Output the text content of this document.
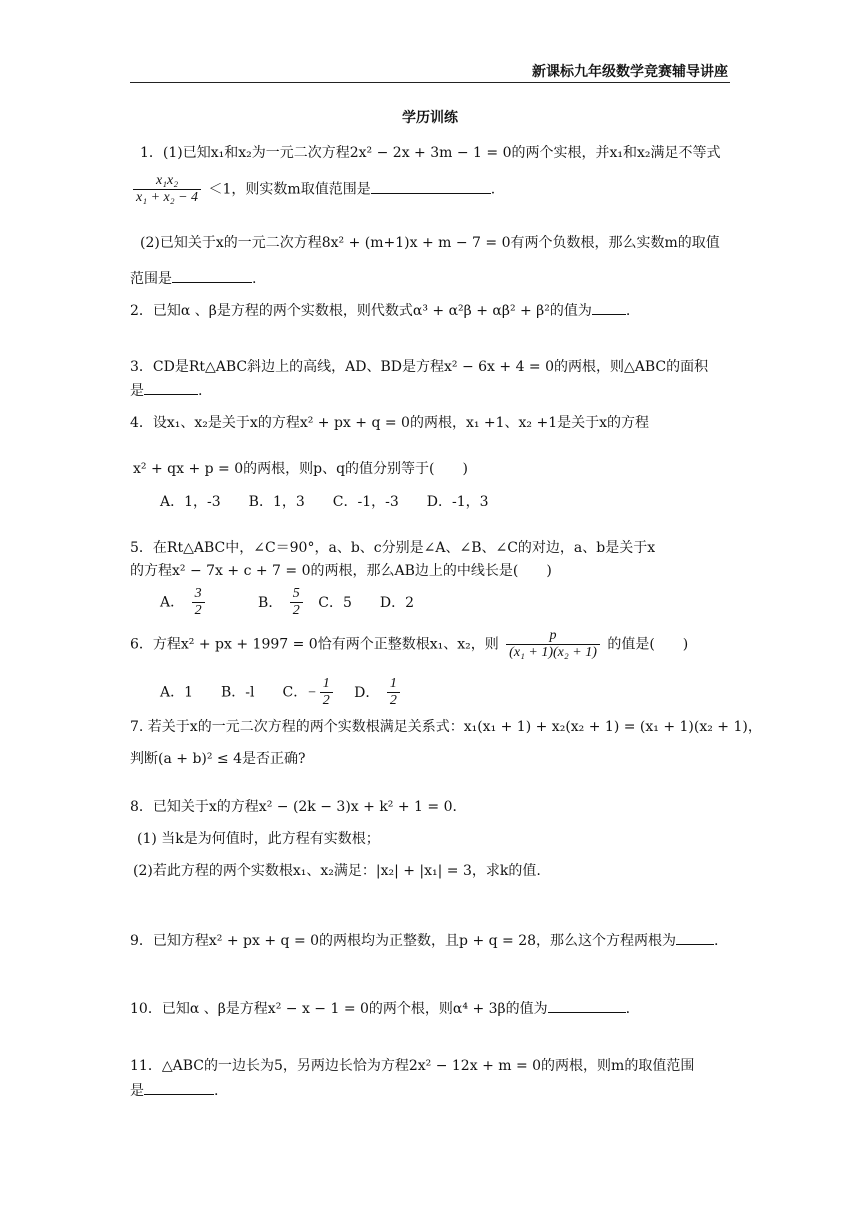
新课标九年级数学竞赛辅导讲座
学历训练
1．(1)已知x₁和x₂为一元二次方程2x² − 2x + 3m − 1 = 0的两个实根，并x₁和x₂满足不等式
$\frac{\text{x₁x₂}}{\text{x₁ + x₂ − 4}} <1$，则实数m取值范围是	.
(2)已知关于x的一元二次方程8x² + (m+1)x + m − 7 = 0有两个负数根，那么实数m的取值
范围是	.
2．已知α 、β是方程的两个实数根，则代数式α³ + α²β + αβ² + β²的值为 .
3．CD是Rt△ABC斜边上的高线，AD、BD是方程x² − 6x + 4 = 0的两根，则△ABC的面积
是	.
4．设x₁、x₂是关于x的方程x² + px + q = 0的两根，x₁ +1、x₂ +1是关于x的方程
x² + qx + p = 0的两根，则p、q的值分别等于(　　)
A．1，-3　　B．1，3　　C．-1，-3　　D．-1，3
5．在Rt△ABC中，∠C＝90°，a、b、c分别是∠A、∠B、∠C的对边，a、b是关于x
的方程x² − 7x + c + 7 = 0的两根，那么AB边上的中线长是(　　)
A． $\frac{3}{2}$	B． $\frac{5}{2}$ C．5　　D．2
6．方程x² + px + 1997 = 0恰有两个正整数根x₁、x₂，则 $\frac{p}{\text{(x₁ + 1)(x₂ + 1)}}$ 的值是(　　)
A．1　　B．-l　　C．− $\frac{1}{2}$ D． $\frac{1}{2}$
7. 若关于x的一元二次方程的两个实数根满足关系式：x₁(x₁ + 1) + x₂(x₂ + 1) = (x₁ + 1)(x₂ + 1)，
判断(a + b)² ≤ 4是否正确?
8．已知关于x的方程x² − (2k − 3)x + k² + 1 = 0．
(1) 当k是为何值时，此方程有实数根；
(2)若此方程的两个实数根x₁、x₂满足：|x₂| + |x₁| = 3，求k的值.
9．已知方程x² + px + q = 0的两根均为正整数，且p + q = 28，那么这个方程两根为	.
10．已知α 、β是方程x² − x − 1 = 0的两个根，则α⁴ + 3β的值为	.
11．△ABC的一边长为5，另两边长恰为方程2x² − 12x + m = 0的两根，则m的取值范围
是	.
